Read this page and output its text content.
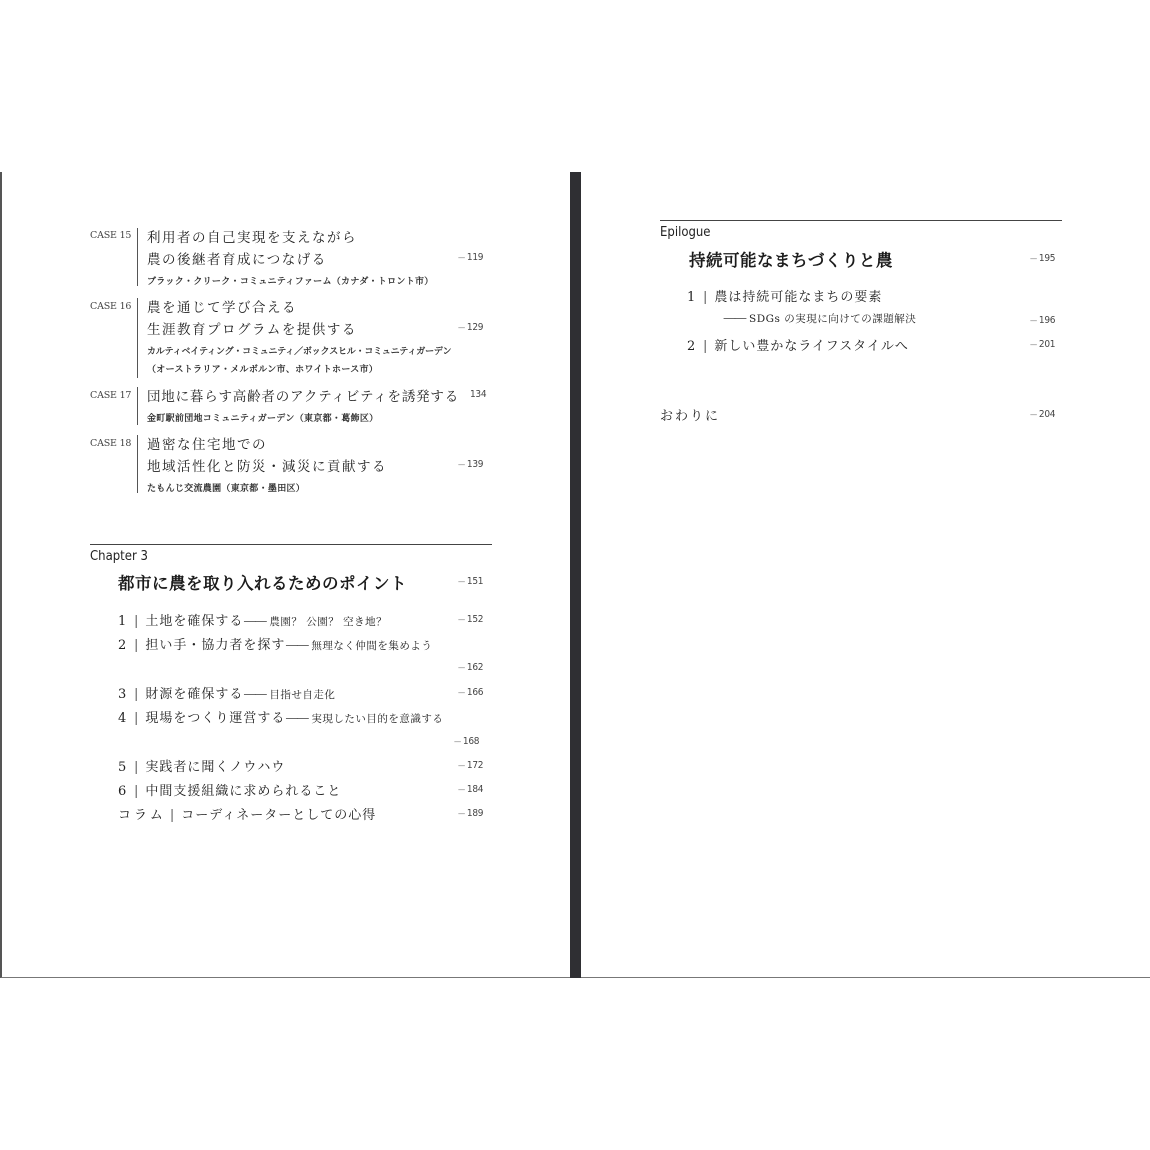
CASE 15 利用者の自己実現を支えながら
農の後継者育成につなげる	— 119
ブラック・クリーク・コミュニティファーム（カナダ・トロント市）
CASE 16 農を通じて学び合える
生涯教育プログラムを提供する	— 129
カルティベイティング・コミュニティ／ボックスヒル・コミュニティガーデン
（オーストラリア・メルボルン市、ホワイトホース市）
CASE 17 団地に暮らす高齢者のアクティビティを誘発する 134
金町駅前団地コミュニティガーデン（東京都・葛飾区）
CASE 18 過密な住宅地での
地域活性化と防災・減災に貢献する	— 139
たもんじ交流農園（東京都・墨田区）
Chapter 3
都市に農を取り入れるためのポイント	— 151
1 | 土地を確保する—— 農園？ 公園？ 空き地？	— 152
2 | 担い手・協力者を探す—— 無理なく仲間を集めよう
— 162
3 | 財源を確保する—— 目指せ自走化	— 166
4 | 現場をつくり運営する—— 実現したい目的を意識する
— 168
5 | 実践者に聞くノウハウ	— 172
6 | 中間支援組織に求められること	— 184
コラム | コーディネーターとしての心得	— 189
Epilogue
持続可能なまちづくりと農	— 195
1 | 農は持続可能なまちの要素
—— SDGs の実現に向けての課題解決	— 196
2 | 新しい豊かなライフスタイルへ	— 201
おわりに	— 204
